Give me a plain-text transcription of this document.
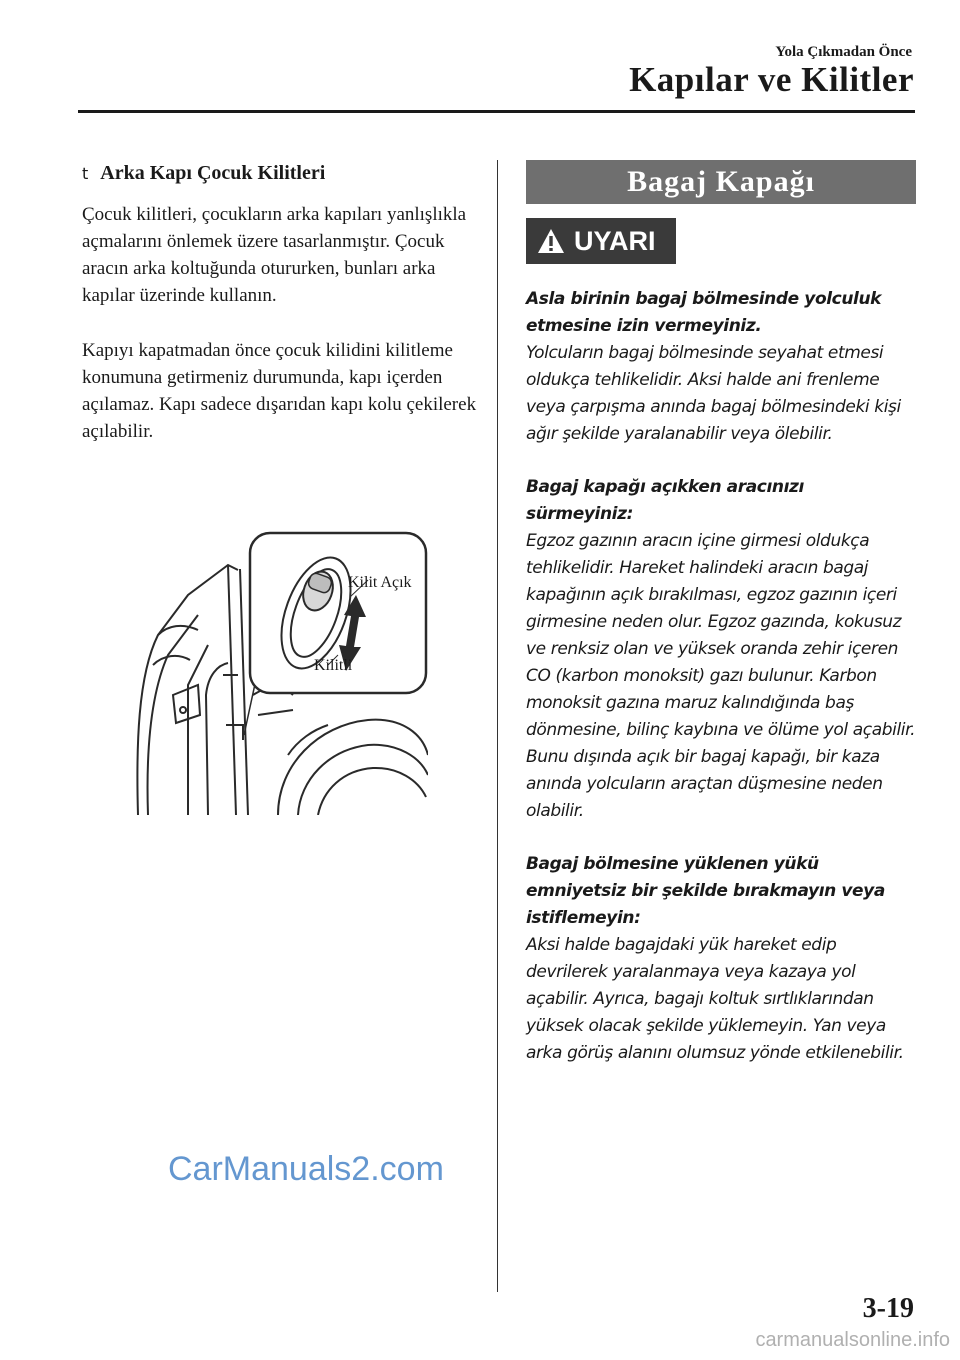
Yola Çıkmadan Önce
Kapılar ve Kilitler
t Arka Kapı Çocuk Kilitleri

Çocuk kilitleri, çocukların arka kapıları yanlışlıkla açmalarını önlemek üzere tasarlanmıştır. Çocuk aracın arka koltuğunda otururken, bunları arka kapılar üzerinde kullanın.

Kapıyı kapatmadan önce çocuk kilidini kilitleme konumuna getirmeniz durumunda, kapı içerden açılamaz. Kapı sadece dışarıdan kapı kolu çekilerek açılabilir.

Kilit Açık
Kilitli
Bagaj Kapağı
UYARI
Asla birinin bagaj bölmesinde yolculuk etmesine izin vermeyiniz.
Yolcuların bagaj bölmesinde seyahat etmesi oldukça tehlikelidir. Aksi halde ani frenleme veya çarpışma anında bagaj bölmesindeki kişi ağır şekilde yaralanabilir veya ölebilir.
Bagaj kapağı açıkken aracınızı sürmeyiniz:
Egzoz gazının aracın içine girmesi oldukça tehlikelidir. Hareket halindeki aracın bagaj kapağının açık bırakılması, egzoz gazının içeri girmesine neden olur. Egzoz gazında, kokusuz ve renksiz olan ve yüksek oranda zehir içeren CO (karbon monoksit) gazı bulunur. Karbon monoksit gazına maruz kalındığında baş dönmesine, bilinç kaybına ve ölüme yol açabilir. Bunu dışında açık bir bagaj kapağı, bir kaza anında yolcuların araçtan düşmesine neden olabilir.
Bagaj bölmesine yüklenen yükü emniyetsiz bir şekilde bırakmayın veya istiflemeyin:
Aksi halde bagajdaki yük hareket edip devrilerek yaralanmaya veya kazaya yol açabilir. Ayrıca, bagajı koltuk sırtlıklarından yüksek olacak şekilde yüklemeyin. Yan veya arka görüş alanını olumsuz yönde etkilenebilir.
CarManuals2.com
3-19
carmanualsonline.info
